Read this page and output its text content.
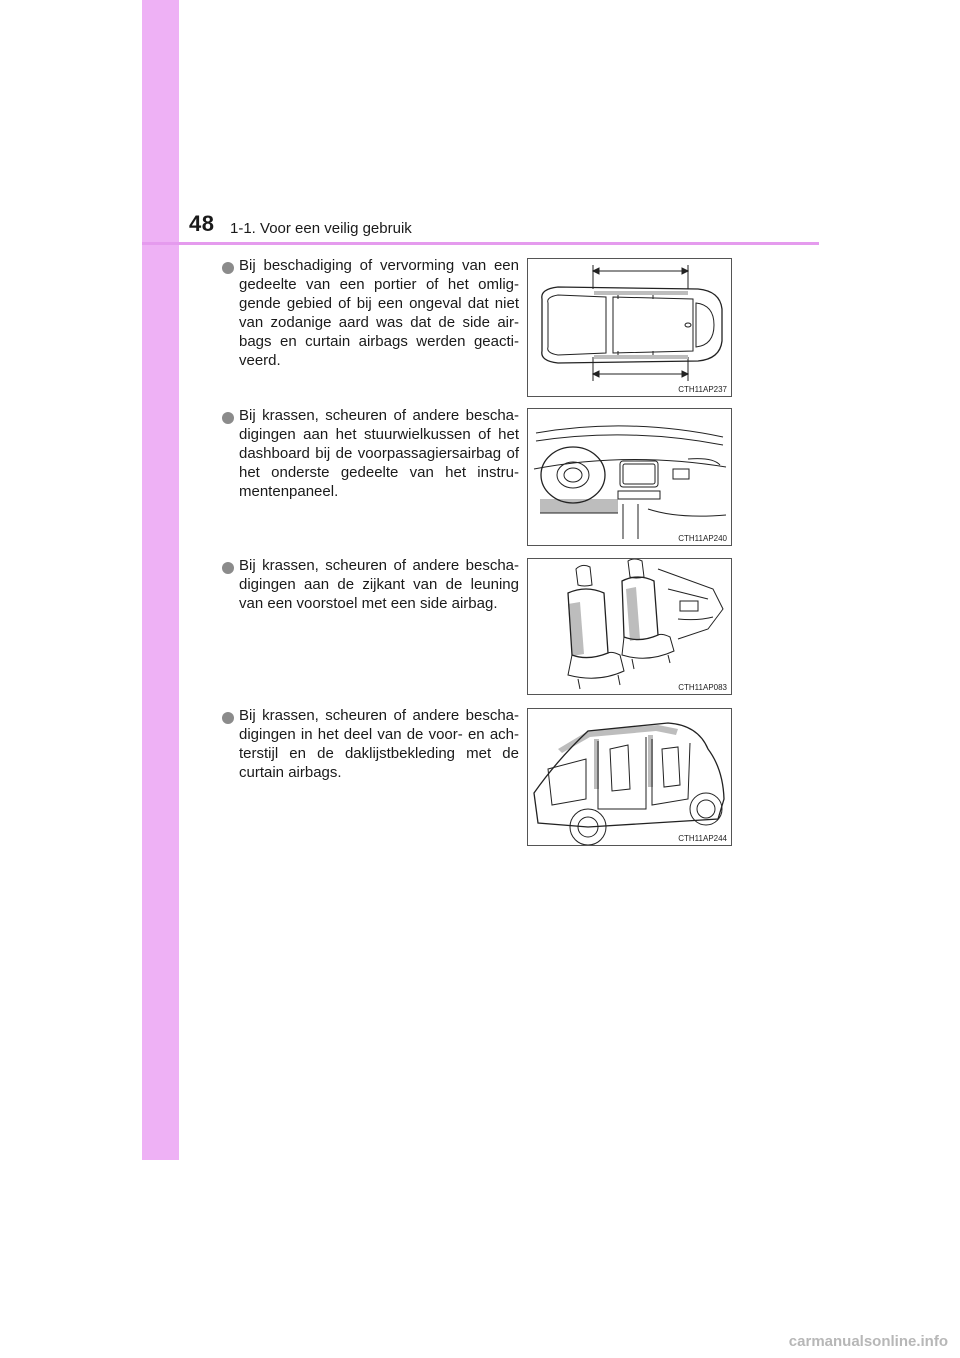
48 1-1. Voor een veilig gebruik
Bij beschadiging of vervorming van een gedeelte van een portier of het omlig-gende gebied of bij een ongeval dat niet van zodanige aard was dat de side air-bags en curtain airbags werden geacti-veerd.
CTH11AP237
Bij krassen, scheuren of andere bescha-digingen aan het stuurwielkussen of het dashboard bij de voorpassagiersairbag of het onderste gedeelte van het instru-mentenpaneel.
CTH11AP240
Bij krassen, scheuren of andere bescha-digingen aan de zijkant van de leuning van een voorstoel met een side airbag.
CTH11AP083
Bij krassen, scheuren of andere bescha-digingen in het deel van de voor- en ach-terstijl en de daklijstbekleding met de curtain airbags.
CTH11AP244
carmanualsonline.info
